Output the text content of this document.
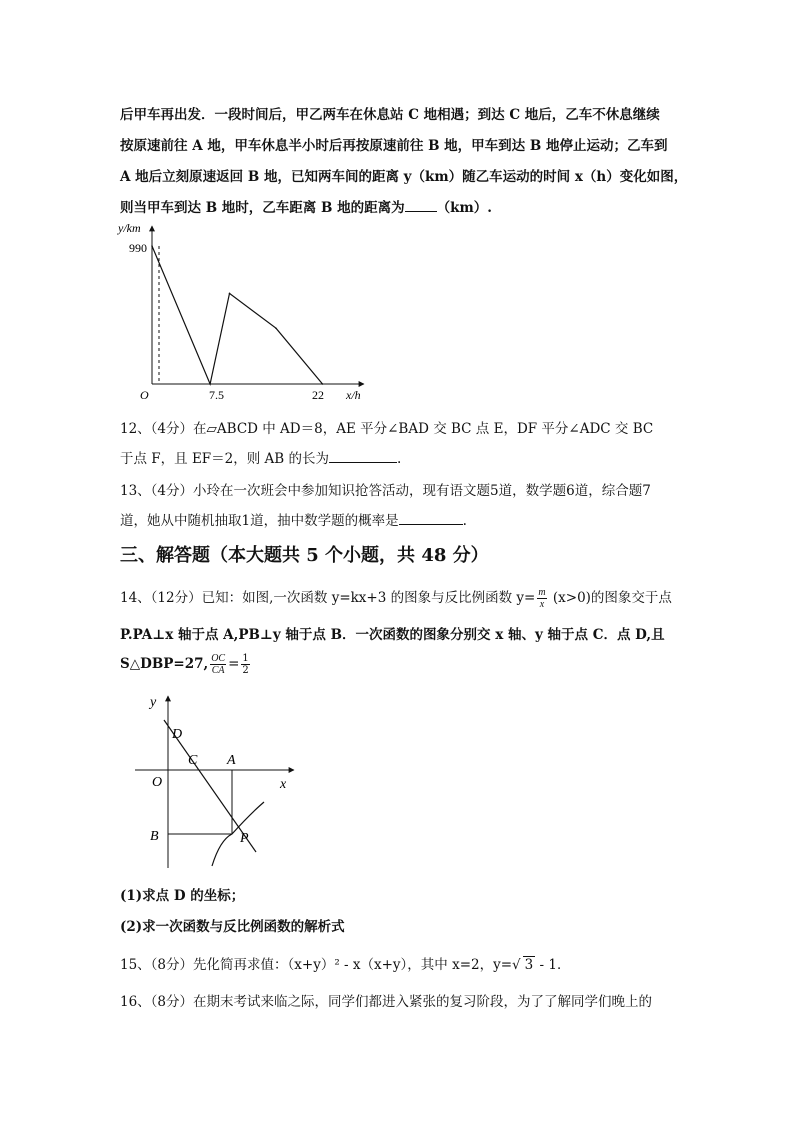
后甲车再出发．一段时间后，甲乙两车在休息站 C 地相遇；到达 C 地后，乙车不休息继续
按原速前往 A 地，甲车休息半小时后再按原速前往 B 地，甲车到达 B 地停止运动；乙车到
A 地后立刻原速返回 B 地，已知两车间的距离 y（km）随乙车运动的时间 x（h）变化如图，
则当甲车到达 B 地时，乙车距离 B 地的距离为 （km）.
y/km
990
O	7.5	22 x/h
12、（4分）在▱ABCD 中 AD＝8，AE 平分∠BAD 交 BC 点 E，DF 平分∠ADC 交 BC
于点 F，且 EF＝2，则 AB 的长为	.
13、（4分）小玲在一次班会中参加知识抢答活动，现有语文题5道，数学题6道，综合题7
道，她从中随机抽取1道，抽中数学题的概率是	.
三、解答题（本大题共 5 个小题，共 48 分）
14、（12分）已知：如图,一次函数 y=kx+3 的图象与反比例函数 $y= \frac{m}{x} (x>0)$的图象交于点
P.PA⊥x 轴于点 A,PB⊥y 轴于点 B．一次函数的图象分别交 x 轴、y 轴于点 C．点 D,且
S△DBP=27, $\frac{OC}{CA} = \frac{1}{2}$
y
D
C A
x
O
B	P
(1)求点 D 的坐标；
(2)求一次函数与反比例函数的解析式
15、（8分）先化简再求值：（x+y）² - x（x+y），其中 x=2，y=√ 3 - 1．
16、（8分）在期末考试来临之际，同学们都进入紧张的复习阶段，为了了解同学们晚上的
